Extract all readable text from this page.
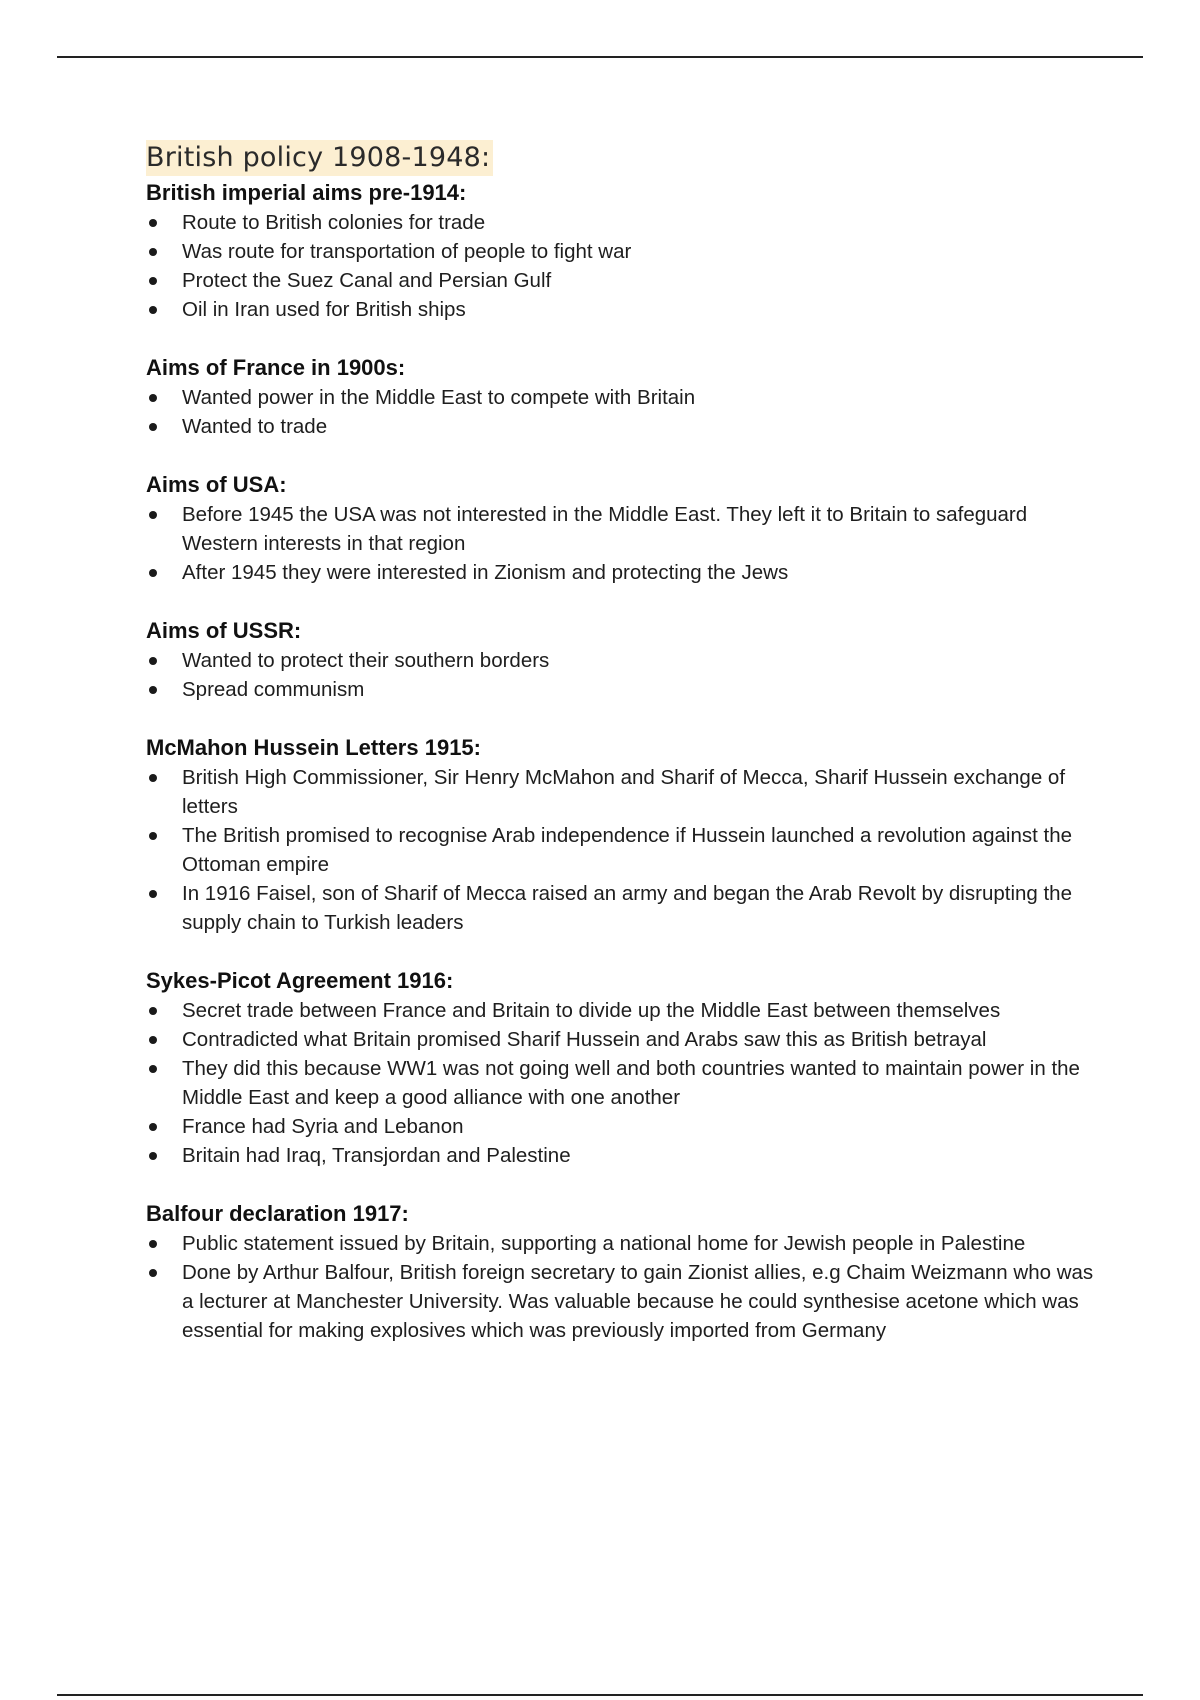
British policy 1908-1948:
British imperial aims pre-1914:
Route to British colonies for trade
Was route for transportation of people to fight war
Protect the Suez Canal and Persian Gulf
Oil in Iran used for British ships
Aims of France in 1900s:
Wanted power in the Middle East to compete with Britain
Wanted to trade
Aims of USA:
Before 1945 the USA was not interested in the Middle East. They left it to Britain to safeguard Western interests in that region
After 1945 they were interested in Zionism and protecting the Jews
Aims of USSR:
Wanted to protect their southern borders
Spread communism
McMahon Hussein Letters 1915:
British High Commissioner, Sir Henry McMahon and Sharif of Mecca, Sharif Hussein exchange of letters
The British promised to recognise Arab independence if Hussein launched a revolution against the Ottoman empire
In 1916 Faisel, son of Sharif of Mecca raised an army and began the Arab Revolt by disrupting the supply chain to Turkish leaders
Sykes-Picot Agreement 1916:
Secret trade between France and Britain to divide up the Middle East between themselves
Contradicted what Britain promised Sharif Hussein and Arabs saw this as British betrayal
They did this because WW1 was not going well and both countries wanted to maintain power in the Middle East and keep a good alliance with one another
France had Syria and Lebanon
Britain had Iraq, Transjordan and Palestine
Balfour declaration 1917:
Public statement issued by Britain, supporting a national home for Jewish people in Palestine
Done by Arthur Balfour, British foreign secretary to gain Zionist allies, e.g Chaim Weizmann who was a lecturer at Manchester University. Was valuable because he could synthesise acetone which was essential for making explosives which was previously imported from Germany
